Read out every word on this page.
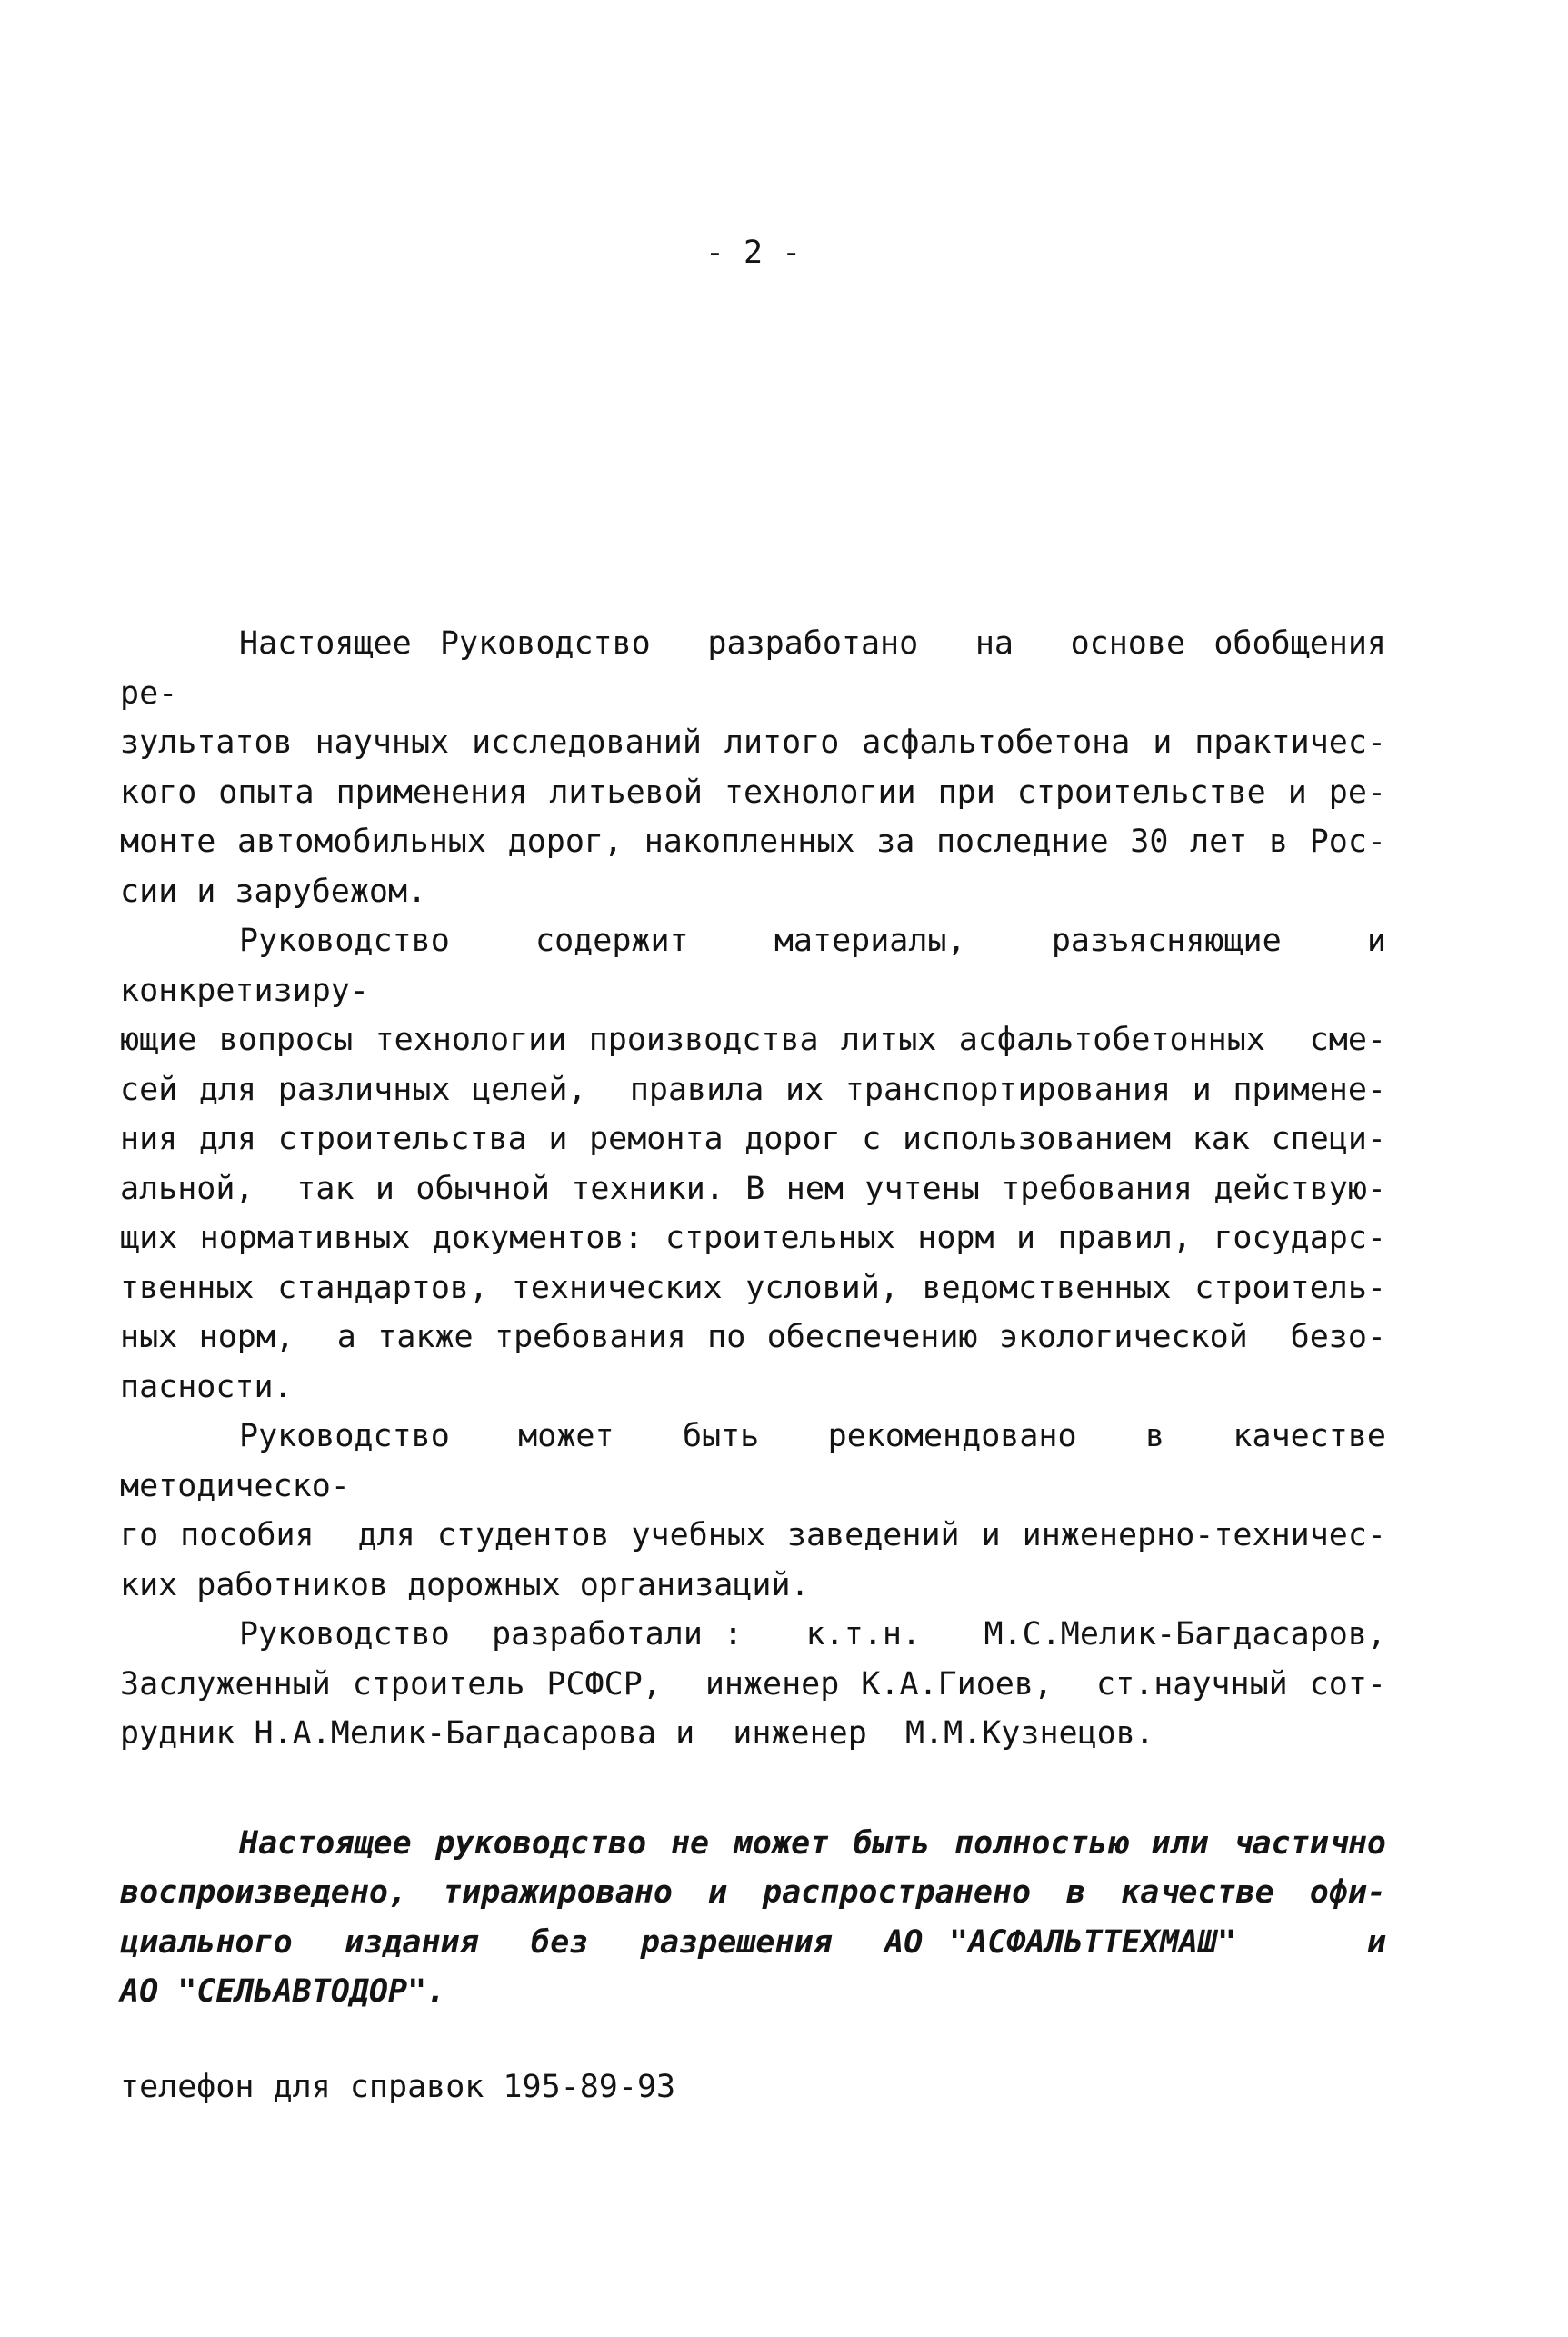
- 2 -
Настоящее Руководство  разработано  на  основе обобщения ре-
зультатов научных исследований литого асфальтобетона и практичес-
кого опыта применения литьевой технологии при строительстве и ре-
монте автомобильных дорог, накопленных за последние 30 лет в Рос-
сии и зарубежом.
Руководство содержит материалы, разъясняющие и конкретизиру-
ющие вопросы технологии производства литых асфальтобетонных  сме-
сей для различных целей,  правила их транспортирования и примене-
ния для строительства и ремонта дорог с использованием как специ-
альной,  так и обычной техники. В нем учтены требования действую-
щих нормативных документов: строительных норм и правил, государс-
твенных стандартов, технических условий, ведомственных строитель-
ных норм,  а также требования по обеспечению экологической  безо-
пасности.
Руководство может быть рекомендовано в качестве методическо-
го пособия  для студентов учебных заведений и инженерно-техничес-
ких работников дорожных организаций.
Руководство  разработали :   к.т.н.   М.С.Мелик-Багдасаров,
Заслуженный строитель РСФСР,  инженер К.А.Гиоев,  ст.научный сот-
рудник Н.А.Мелик-Багдасарова и  инженер  М.М.Кузнецов.
Настоящее руководство не может быть полностью или частично
воспроизведено, тиражировано и распространено в качестве офи-
циального  издания  без  разрешения  АО "АСФАЛЬТТЕХМАШ"     и
АО "СЕЛЬАВТОДОР".
телефон для справок 195-89-93
